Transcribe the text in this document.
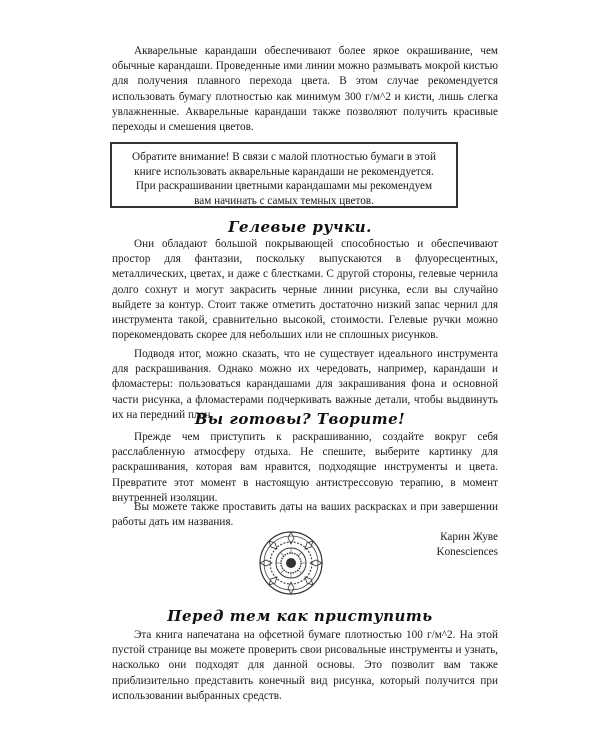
Акварельные карандаши обеспечивают более яркое окрашивание, чем обычные карандаши. Проведенные ими линии можно размывать мокрой кистью для получения плавного перехода цвета. В этом случае рекомендуется использовать бумагу плотностью как минимум 300 г/м^2 и кисти, лишь слегка увлажненные. Акварельные карандаши также позволяют получить красивые переходы и смешения цветов.

Обратите внимание! В связи с малой плотностью бумаги в этой книге использовать акварельные карандаши не рекомендуется. При раскрашивании цветными карандашами мы рекомендуем вам начинать с самых темных цветов.

Гелевые ручки.

Они обладают большой покрывающей способностью и обеспечивают простор для фантазии, поскольку выпускаются в флуоресцентных, металлических, цветах, и даже с блестками. С другой стороны, гелевые чернила долго сохнут и могут закрасить черные линии рисунка, если вы случайно выйдете за контур. Стоит также отметить достаточно низкий запас чернил для инструмента такой, сравнительно высокой, стоимости. Гелевые ручки можно порекомендовать скорее для небольших или не сплошных рисунков.

Подводя итог, можно сказать, что не существует идеального инструмента для раскрашивания. Однако можно их чередовать, например, карандаши и фломастеры: пользоваться карандашами для закрашивания фона и основной части рисунка, а фломастерами подчеркивать важные детали, чтобы выдвинуть их на передний план.

Вы готовы? Творите!

Прежде чем приступить к раскрашиванию, создайте вокруг себя расслабленную атмосферу отдыха. Не спешите, выберите картинку для раскрашивания, которая вам нравится, подходящие инструменты и цвета. Превратите этот момент в настоящую антистрессовую терапию, в момент внутренней изоляции.

Вы можете также проставить даты на ваших раскрасках и при завершении работы дать им названия.

Карин Жуве
Konesciences
Перед тем как приступить

Эта книга напечатана на офсетной бумаге плотностью 100 г/м^2. На этой пустой странице вы можете проверить свои рисовальные инструменты и узнать, насколько они подходят для данной основы. Это позволит вам также приблизительно представить конечный вид рисунка, который получится при использовании выбранных средств.
